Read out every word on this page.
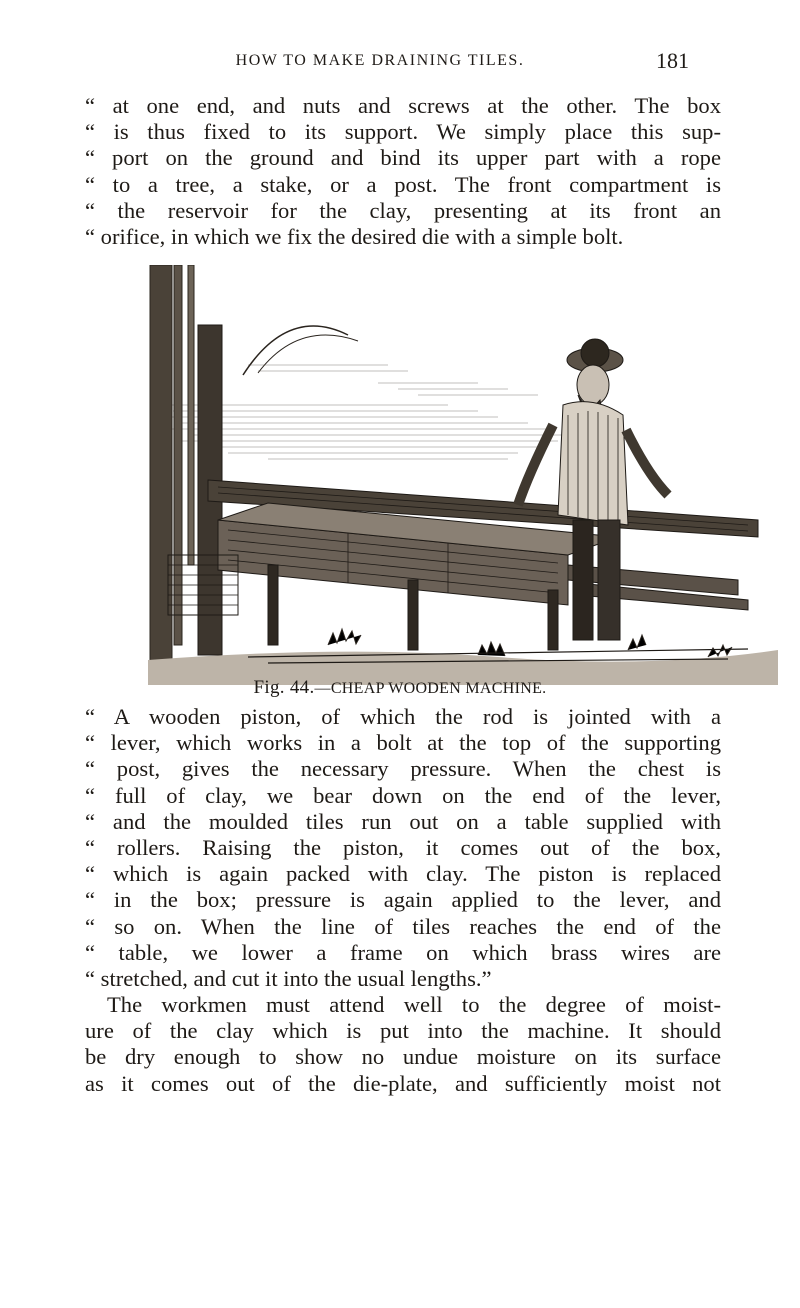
HOW TO MAKE DRAINING TILES.	181
“ at one end, and nuts and screws at the other. The box
“ is thus fixed to its support. We simply place this sup-
“ port on the ground and bind its upper part with a rope
“ to a tree, a stake, or a post. The front compartment is
“ the reservoir for the clay, presenting at its front an
“ orifice, in which we fix the desired die with a simple bolt.
Fig. 44.—CHEAP WOODEN MACHINE.
“ A wooden piston, of which the rod is jointed with a
“ lever, which works in a bolt at the top of the supporting
“ post, gives the necessary pressure. When the chest is
“ full of clay, we bear down on the end of the lever,
“ and the moulded tiles run out on a table supplied with
“ rollers. Raising the piston, it comes out of the box,
“ which is again packed with clay. The piston is replaced
“ in the box; pressure is again applied to the lever, and
“ so on. When the line of tiles reaches the end of the
“ table, we lower a frame on which brass wires are
“ stretched, and cut it into the usual lengths.”
The workmen must attend well to the degree of moist-
ure of the clay which is put into the machine. It should
be dry enough to show no undue moisture on its surface
as it comes out of the die-plate, and sufficiently moist not
